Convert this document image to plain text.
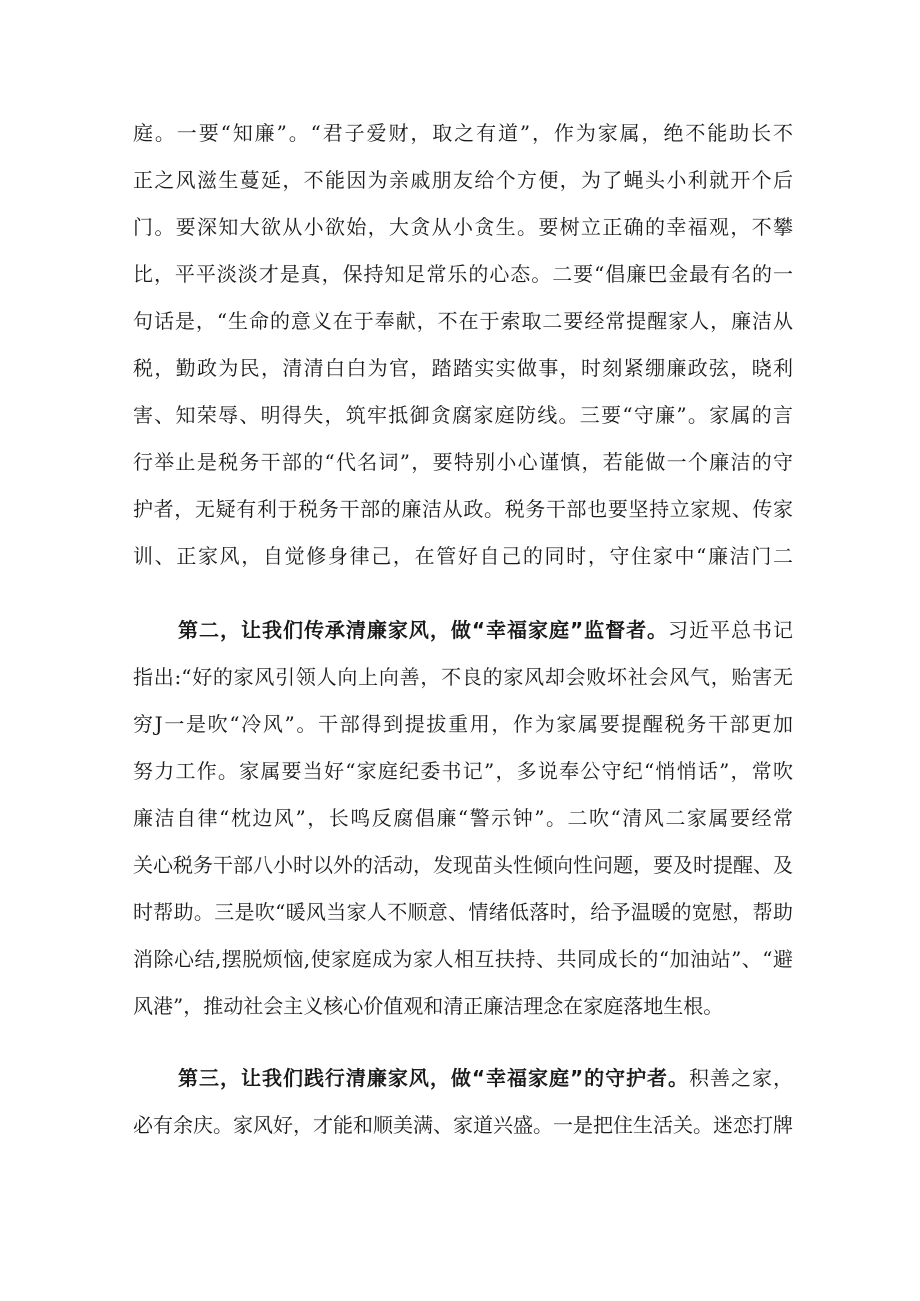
庭。一要“知廉”。“君子爱财，取之有道”，作为家属，绝不能助长不
正之风滋生蔓延，不能因为亲戚朋友给个方便，为了蝇头小利就开个后
门。要深知大欲从小欲始，大贪从小贪生。要树立正确的幸福观，不攀
比，平平淡淡才是真，保持知足常乐的心态。二要“倡廉巴金最有名的一
句话是，“生命的意义在于奉献，不在于索取二要经常提醒家人，廉洁从
税，勤政为民，清清白白为官，踏踏实实做事，时刻紧绷廉政弦，晓利
害、知荣辱、明得失，筑牢抵御贪腐家庭防线。三要“守廉”。家属的言
行举止是税务干部的“代名词”，要特别小心谨慎，若能做一个廉洁的守
护者，无疑有利于税务干部的廉洁从政。税务干部也要坚持立家规、传家
训、正家风，自觉修身律己，在管好自己的同时，守住家中“廉洁门二
第二，让我们传承清廉家风，做“幸福家庭”监督者。习近平总书记
指出:“好的家风引领人向上向善，不良的家风却会败坏社会风气，贻害无
穷J一是吹“冷风”。干部得到提拔重用，作为家属要提醒税务干部更加
努力工作。家属要当好“家庭纪委书记”，多说奉公守纪“悄悄话”，常吹
廉洁自律“枕边风”，长鸣反腐倡廉“警示钟”。二吹“清风二家属要经常
关心税务干部八小时以外的活动，发现苗头性倾向性问题，要及时提醒、及
时帮助。三是吹“暖风当家人不顺意、情绪低落时，给予温暖的宽慰，帮助
消除心结,摆脱烦恼,使家庭成为家人相互扶持、共同成长的“加油站”、“避
风港”，推动社会主义核心价值观和清正廉洁理念在家庭落地生根。
第三，让我们践行清廉家风，做“幸福家庭”的守护者。积善之家，
必有余庆。家风好，才能和顺美满、家道兴盛。一是把住生活关。迷恋打牌
